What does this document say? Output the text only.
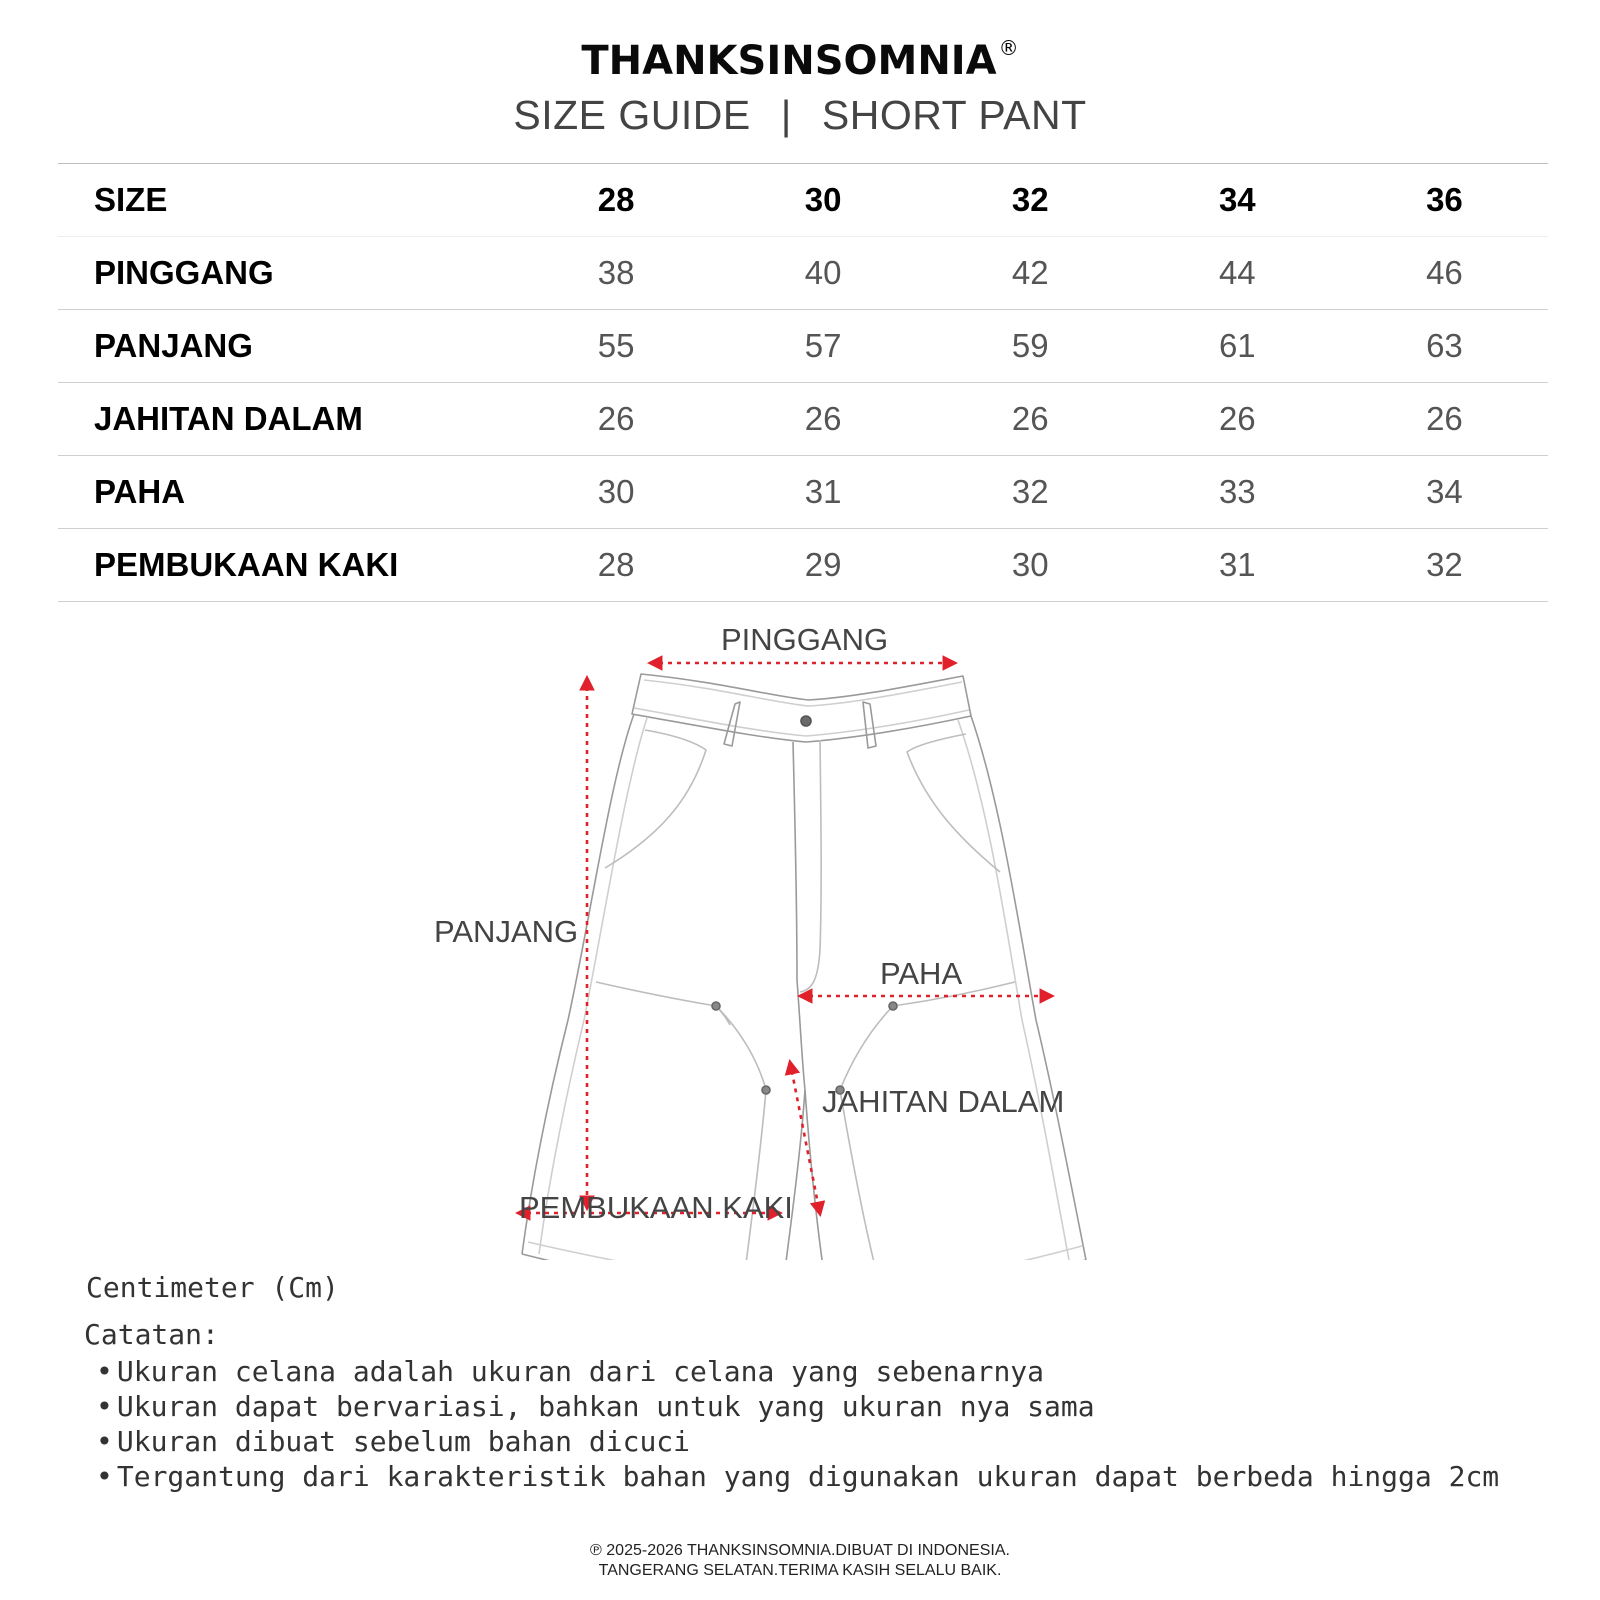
THANKSINSOMNIA ®
SIZE GUIDE | SHORT PANT
SIZE	28	30	32	34	36
PINGGANG	38	40	42	44	46
PANJANG	55	57	59	61	63
JAHITAN DALAM	26	26	26	26	26
PAHA	30	31	32	33	34
PEMBUKAAN KAKI	28	29	30	31	32
PINGGANG
PANJANG
PAHA
JAHITAN DALAM
PEMBUKAAN KAKI
Centimeter (Cm)
Catatan:
• Ukuran celana adalah ukuran dari celana yang sebenarnya
• Ukuran dapat bervariasi, bahkan untuk yang ukuran nya sama
• Ukuran dibuat sebelum bahan dicuci
• Tergantung dari karakteristik bahan yang digunakan ukuran dapat berbeda hingga 2cm
℗ 2025-2026 THANKSINSOMNIA.DIBUAT DI INDONESIA.
TANGERANG SELATAN.TERIMA KASIH SELALU BAIK.
